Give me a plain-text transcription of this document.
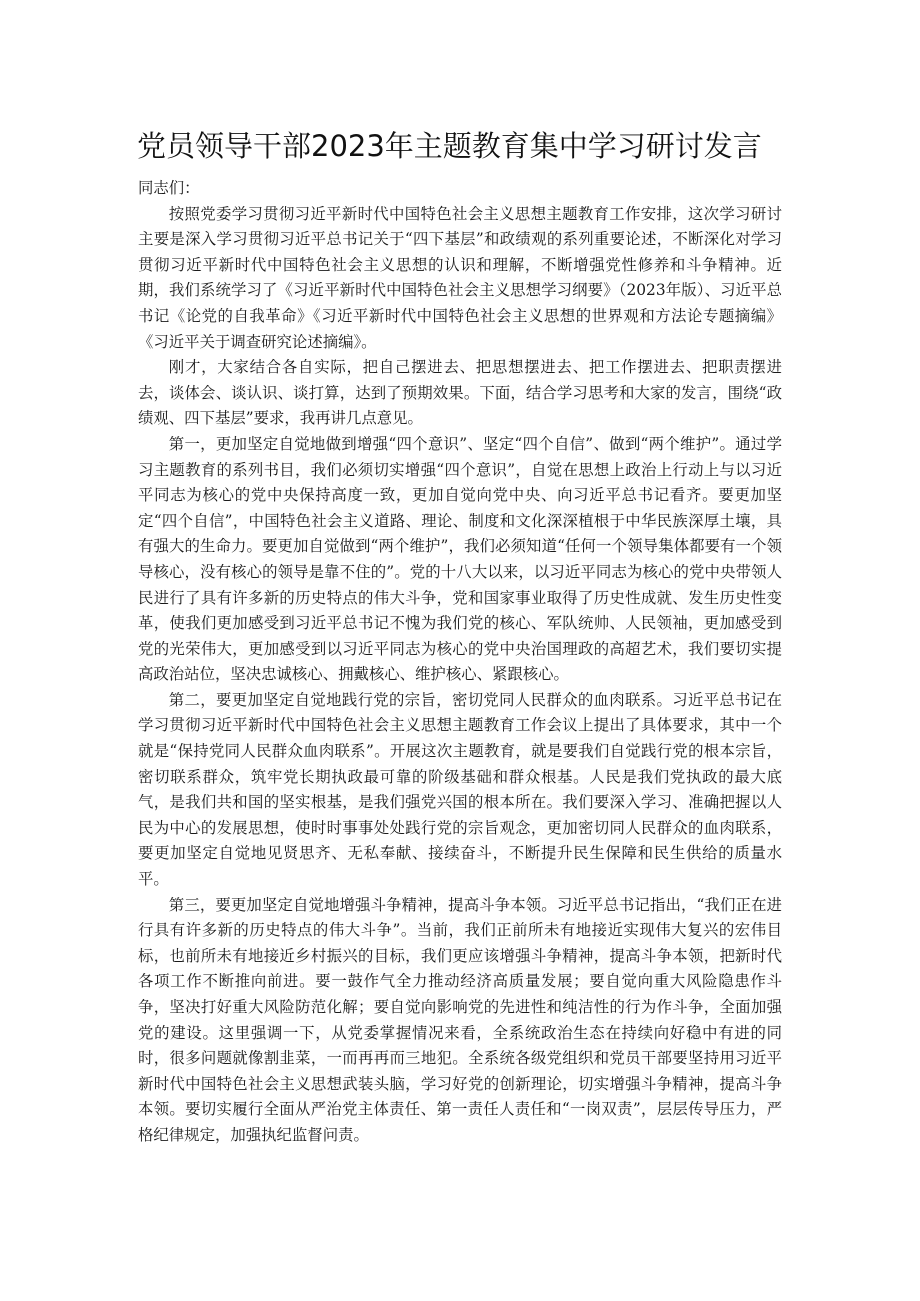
党员领导干部2023年主题教育集中学习研讨发言

同志们：

按照党委学习贯彻习近平新时代中国特色社会主义思想主题教育工作安排，这次学习研讨主要是深入学习贯彻习近平总书记关于“四下基层”和政绩观的系列重要论述，不断深化对学习贯彻习近平新时代中国特色社会主义思想的认识和理解，不断增强党性修养和斗争精神。近期，我们系统学习了《习近平新时代中国特色社会主义思想学习纲要》（2023年版）、习近平总书记《论党的自我革命》《习近平新时代中国特色社会主义思想的世界观和方法论专题摘编》《习近平关于调查研究论述摘编》。

刚才，大家结合各自实际，把自己摆进去、把思想摆进去、把工作摆进去、把职责摆进去，谈体会、谈认识、谈打算，达到了预期效果。下面，结合学习思考和大家的发言，围绕“政绩观、四下基层”要求，我再讲几点意见。

第一，更加坚定自觉地做到增强“四个意识”、坚定“四个自信”、做到“两个维护”。通过学习主题教育的系列书目，我们必须切实增强“四个意识”，自觉在思想上政治上行动上与以习近平同志为核心的党中央保持高度一致，更加自觉向党中央、向习近平总书记看齐。要更加坚定“四个自信”，中国特色社会主义道路、理论、制度和文化深深植根于中华民族深厚土壤，具有强大的生命力。要更加自觉做到“两个维护”，我们必须知道“任何一个领导集体都要有一个领导核心，没有核心的领导是靠不住的”。党的十八大以来，以习近平同志为核心的党中央带领人民进行了具有许多新的历史特点的伟大斗争，党和国家事业取得了历史性成就、发生历史性变革，使我们更加感受到习近平总书记不愧为我们党的核心、军队统帅、人民领袖，更加感受到党的光荣伟大，更加感受到以习近平同志为核心的党中央治国理政的高超艺术，我们要切实提高政治站位，坚决忠诚核心、拥戴核心、维护核心、紧跟核心。

第二，要更加坚定自觉地践行党的宗旨，密切党同人民群众的血肉联系。习近平总书记在学习贯彻习近平新时代中国特色社会主义思想主题教育工作会议上提出了具体要求，其中一个就是“保持党同人民群众血肉联系”。开展这次主题教育，就是要我们自觉践行党的根本宗旨，密切联系群众，筑牢党长期执政最可靠的阶级基础和群众根基。人民是我们党执政的最大底气，是我们共和国的坚实根基，是我们强党兴国的根本所在。我们要深入学习、准确把握以人民为中心的发展思想，使时时事事处处践行党的宗旨观念，更加密切同人民群众的血肉联系，要更加坚定自觉地见贤思齐、无私奉献、接续奋斗，不断提升民生保障和民生供给的质量水平。

第三，要更加坚定自觉地增强斗争精神，提高斗争本领。习近平总书记指出，“我们正在进行具有许多新的历史特点的伟大斗争”。当前，我们正前所未有地接近实现伟大复兴的宏伟目标，也前所未有地接近乡村振兴的目标，我们更应该增强斗争精神，提高斗争本领，把新时代各项工作不断推向前进。要一鼓作气全力推动经济高质量发展；要自觉向重大风险隐患作斗争，坚决打好重大风险防范化解；要自觉向影响党的先进性和纯洁性的行为作斗争，全面加强党的建设。这里强调一下，从党委掌握情况来看，全系统政治生态在持续向好稳中有进的同时，很多问题就像割韭菜，一而再再而三地犯。全系统各级党组织和党员干部要坚持用习近平新时代中国特色社会主义思想武装头脑，学习好党的创新理论，切实增强斗争精神，提高斗争本领。要切实履行全面从严治党主体责任、第一责任人责任和“一岗双责”，层层传导压力，严格纪律规定，加强执纪监督问责。
